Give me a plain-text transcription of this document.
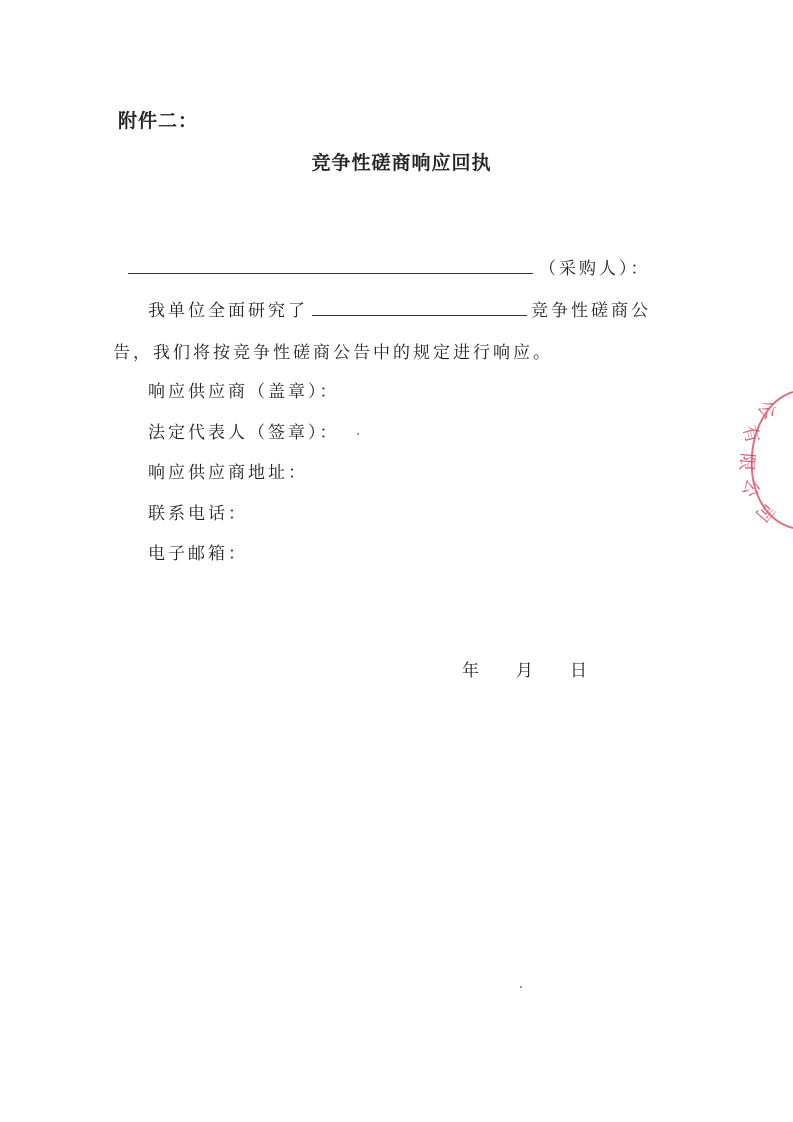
附件二：
竞争性磋商响应回执
（采购人）：
我单位全面研究了	竞争性磋商公
告，我们将按竞争性磋商公告中的规定进行响应。
响应供应商（盖章）：
法定代表人（签章）：
响应供应商地址：
联系电话：
电子邮箱：
年 月 日
公
有
限
公
司
